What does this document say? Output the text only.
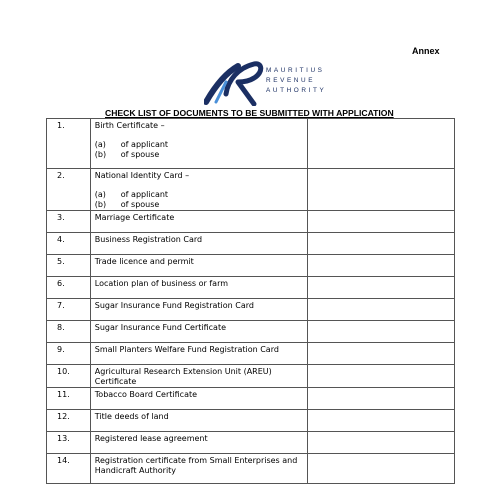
Annex
MAURITIUS
REVENUE
AUTHORITY
CHECK LIST OF DOCUMENTS TO BE SUBMITTED WITH APPLICATION
1.	Birth Certificate –
(a) of applicant
(b) of spouse	

2.	National Identity Card –
(a) of applicant
(b) of spouse	

3.	Marriage Certificate	

4.	Business Registration Card	

5.	Trade licence and permit	

6.	Location plan of business or farm	

7.	Sugar Insurance Fund Registration Card	

8.	Sugar Insurance Fund Certificate	

9.	Small Planters Welfare Fund Registration Card	

10.	Agricultural Research Extension Unit (AREU) Certificate	

11.	Tobacco Board Certificate	

12.	Title deeds of land	

13.	Registered lease agreement	

14.	Registration certificate from Small Enterprises and Handicraft Authority	
